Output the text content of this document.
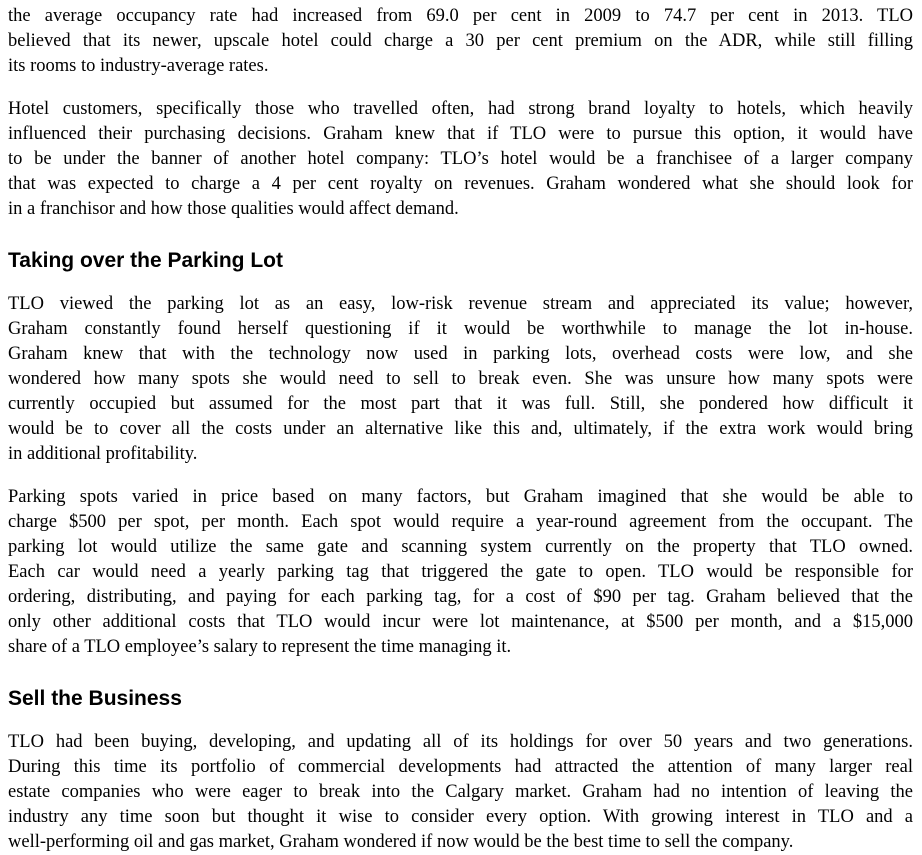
the average occupancy rate had increased from 69.0 per cent in 2009 to 74.7 per cent in 2013. TLO
believed that its newer, upscale hotel could charge a 30 per cent premium on the ADR, while still filling
its rooms to industry-average rates.
Hotel customers, specifically those who travelled often, had strong brand loyalty to hotels, which heavily
influenced their purchasing decisions. Graham knew that if TLO were to pursue this option, it would have
to be under the banner of another hotel company: TLO’s hotel would be a franchisee of a larger company
that was expected to charge a 4 per cent royalty on revenues. Graham wondered what she should look for
in a franchisor and how those qualities would affect demand.
Taking over the Parking Lot
TLO viewed the parking lot as an easy, low-risk revenue stream and appreciated its value; however,
Graham constantly found herself questioning if it would be worthwhile to manage the lot in-house.
Graham knew that with the technology now used in parking lots, overhead costs were low, and she
wondered how many spots she would need to sell to break even. She was unsure how many spots were
currently occupied but assumed for the most part that it was full. Still, she pondered how difficult it
would be to cover all the costs under an alternative like this and, ultimately, if the extra work would bring
in additional profitability.
Parking spots varied in price based on many factors, but Graham imagined that she would be able to
charge $500 per spot, per month. Each spot would require a year-round agreement from the occupant. The
parking lot would utilize the same gate and scanning system currently on the property that TLO owned.
Each car would need a yearly parking tag that triggered the gate to open. TLO would be responsible for
ordering, distributing, and paying for each parking tag, for a cost of $90 per tag. Graham believed that the
only other additional costs that TLO would incur were lot maintenance, at $500 per month, and a $15,000
share of a TLO employee’s salary to represent the time managing it.
Sell the Business
TLO had been buying, developing, and updating all of its holdings for over 50 years and two generations.
During this time its portfolio of commercial developments had attracted the attention of many larger real
estate companies who were eager to break into the Calgary market. Graham had no intention of leaving the
industry any time soon but thought it wise to consider every option. With growing interest in TLO and a
well-performing oil and gas market, Graham wondered if now would be the best time to sell the company.
